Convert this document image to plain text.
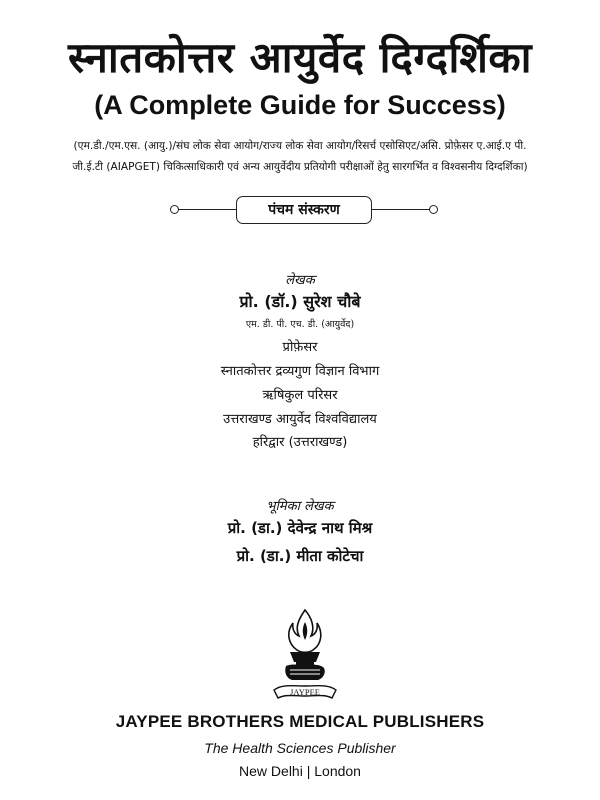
स्नातकोत्तर आयुर्वेद दिग्दर्शिका
(A Complete Guide for Success)
(एम.डी./एम.एस. (आयु.)/संघ लोक सेवा आयोग/राज्य लोक सेवा आयोग/रिसर्च एसोसिएट/असि. प्रोफ़ेसर ए.आई.ए पी.
जी.ई.टी (AIAPGET) चिकित्साधिकारी एवं अन्य आयुर्वेदीय प्रतियोगी परीक्षाओं हेतु सारगर्भित व विश्वसनीय दिग्दर्शिका)
पंचम संस्करण
लेखक
प्रो. (डॉ.) सुरेश चौबे
एम. डी. पी. एच. डी. (आयुर्वेद)
प्रोफ़ेसर
स्नातकोत्तर द्रव्यगुण विज्ञान विभाग
ऋषिकुल परिसर
उत्तराखण्ड आयुर्वेद विश्वविद्यालय
हरिद्वार (उत्तराखण्ड)
भूमिका लेखक
प्रो. (डा.) देवेन्द्र नाथ मिश्र
प्रो. (डा.) मीता कोटेचा
JAYPEE
JAYPEE BROTHERS MEDICAL PUBLISHERS
The Health Sciences Publisher
New Delhi | London
